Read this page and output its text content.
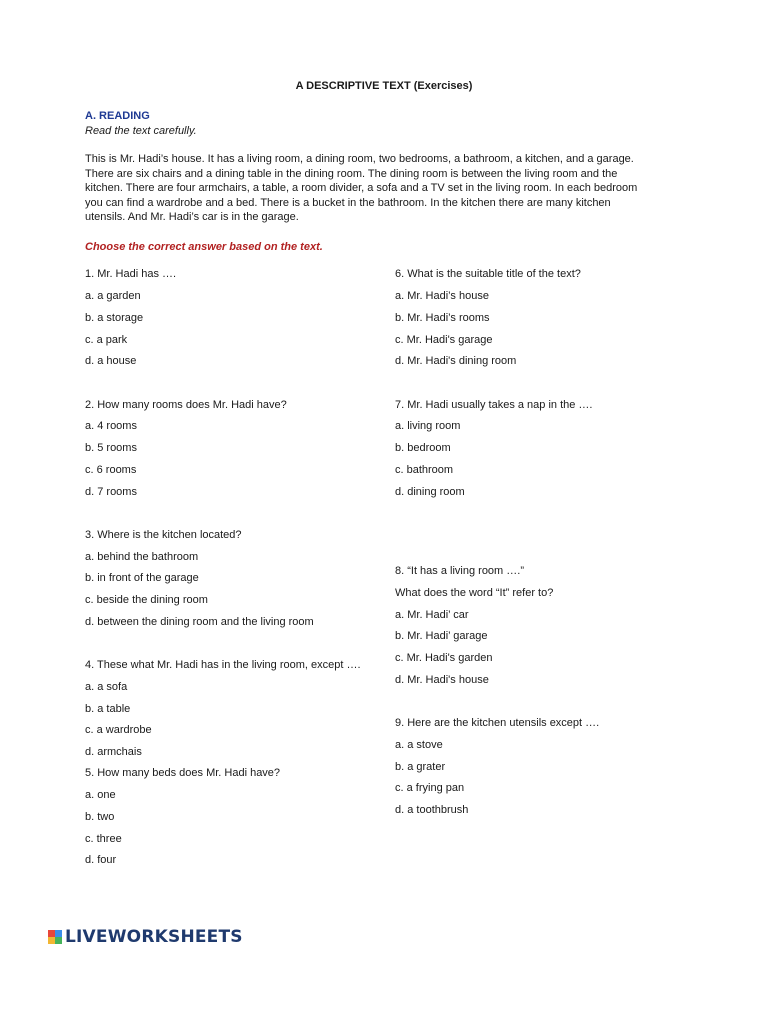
A DESCRIPTIVE TEXT (Exercises)
A. READING
Read the text carefully.
This is Mr. Hadi’s house. It has a living room, a dining room, two bedrooms, a bathroom, a kitchen, and a garage.
There are six chairs and a dining table in the dining room. The dining room is between the living room and the
kitchen. There are four armchairs, a table, a room divider, a sofa and a TV set in the living room. In each bedroom
you can find a wardrobe and a bed. There is a bucket in the bathroom. In the kitchen there are many kitchen
utensils. And Mr. Hadi’s car is in the garage.
Choose the correct answer based on the text.
1. Mr. Hadi has ….
a. a garden
b. a storage
c. a park
d. a house
2. How many rooms does Mr. Hadi have?
a. 4 rooms
b. 5 rooms
c. 6 rooms
d. 7 rooms
3. Where is the kitchen located?
a. behind the bathroom
b. in front of the garage
c. beside the dining room
d. between the dining room and the living room
4. These what Mr. Hadi has in the living room, except ….
a. a sofa
b. a table
c. a wardrobe
d. armchais
5. How many beds does Mr. Hadi have?
a. one
b. two
c. three
d. four
6. What is the suitable title of the text?
a. Mr. Hadi’s house
b. Mr. Hadi’s rooms
c. Mr. Hadi's garage
d. Mr. Hadi's dining room
7. Mr. Hadi usually takes a nap in the ….
a. living room
b. bedroom
c. bathroom
d. dining room
8. “It has a living room ….”
What does the word “It” refer to?
a. Mr. Hadi’ car
b. Mr. Hadi’ garage
c. Mr. Hadi's garden
d. Mr. Hadi's house
9. Here are the kitchen utensils except ….
a. a stove
b. a grater
c. a frying pan
d. a toothbrush
LIVEWORKSHEETS
